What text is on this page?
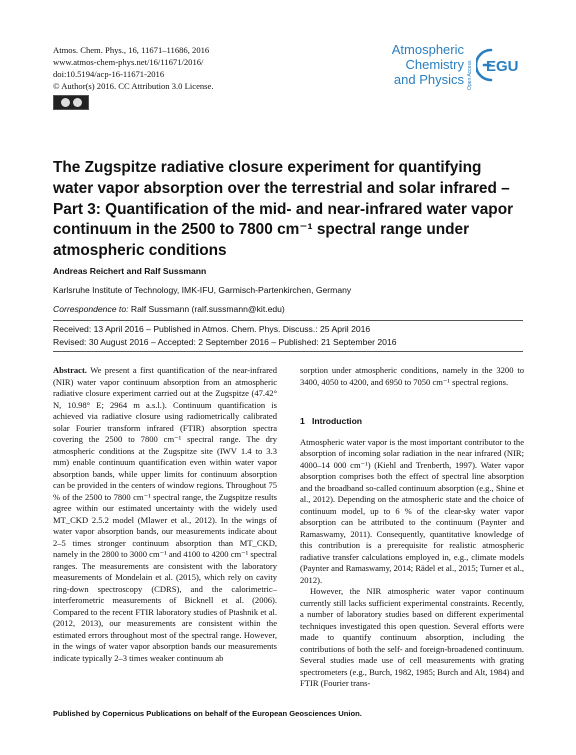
Atmos. Chem. Phys., 16, 11671–11686, 2016
www.atmos-chem-phys.net/16/11671/2016/
doi:10.5194/acp-16-11671-2016
© Author(s) 2016. CC Attribution 3.0 License.
Atmospheric
Chemistry
and Physics Open Access EGU
The Zugspitze radiative closure experiment for quantifying water vapor absorption over the terrestrial and solar infrared – Part 3: Quantification of the mid- and near-infrared water vapor continuum in the 2500 to 7800 cm⁻¹ spectral range under atmospheric conditions
Andreas Reichert and Ralf Sussmann
Karlsruhe Institute of Technology, IMK-IFU, Garmisch-Partenkirchen, Germany
Correspondence to: Ralf Sussmann (ralf.sussmann@kit.edu)
Received: 13 April 2016 – Published in Atmos. Chem. Phys. Discuss.: 25 April 2016
Revised: 30 August 2016 – Accepted: 2 September 2016 – Published: 21 September 2016

Abstract. We present a first quantification of the near-infrared (NIR) water vapor continuum absorption from an atmospheric radiative closure experiment carried out at the Zugspitze (47.42° N, 10.98° E; 2964 m a.s.l.). Continuum quantification is achieved via radiative closure using radiometrically calibrated solar Fourier transform infrared (FTIR) absorption spectra covering the 2500 to 7800 cm⁻¹ spectral range. The dry atmospheric conditions at the Zugspitze site (IWV 1.4 to 3.3 mm) enable continuum quantification even within water vapor absorption bands, while upper limits for continuum absorption can be provided in the centers of window regions. Throughout 75 % of the 2500 to 7800 cm⁻¹ spectral range, the Zugspitze results agree within our estimated uncertainty with the widely used MT_CKD 2.5.2 model (Mlawer et al., 2012). In the wings of water vapor absorption bands, our measurements indicate about 2–5 times stronger continuum absorption than MT_CKD, namely in the 2800 to 3000 cm⁻¹ and 4100 to 4200 cm⁻¹ spectral ranges. The measurements are consistent with the laboratory measurements of Mondelain et al. (2015), which rely on cavity ring-down spectroscopy (CDRS), and the calorimetric–interferometric measurements of Bicknell et al. (2006). Compared to the recent FTIR laboratory studies of Ptashnik et al. (2012, 2013), our measurements are consistent within the estimated errors throughout most of the spectral range. However, in the wings of water vapor absorption bands our measurements indicate typically 2–3 times weaker continuum ab

sorption under atmospheric conditions, namely in the 3200 to 3400, 4050 to 4200, and 6950 to 7050 cm⁻¹ spectral regions.

1   Introduction

Atmospheric water vapor is the most important contributor to the absorption of incoming solar radiation in the near infrared (NIR; 4000–14 000 cm⁻¹) (Kiehl and Trenberth, 1997). Water vapor absorption comprises both the effect of spectral line absorption and the broadband so-called continuum absorption (e.g., Shine et al., 2012). Depending on the atmospheric state and the choice of continuum model, up to 6 % of the clear-sky water vapor absorption can be attributed to the continuum (Paynter and Ramaswamy, 2011). Consequently, quantitative knowledge of this contribution is a prerequisite for realistic atmospheric radiative transfer calculations employed in, e.g., climate models (Paynter and Ramaswamy, 2014; Rädel et al., 2015; Turner et al., 2012).

However, the NIR atmospheric water vapor continuum currently still lacks sufficient experimental constraints. Recently, a number of laboratory studies based on different experimental techniques investigated this open question. Several efforts were made to quantify continuum absorption, including the contributions of both the self- and foreign-broadened continuum. Several studies made use of cell measurements with grating spectrometers (e.g., Burch, 1982, 1985; Burch and Alt, 1984) and FTIR (Fourier trans-

Published by Copernicus Publications on behalf of the European Geosciences Union.
